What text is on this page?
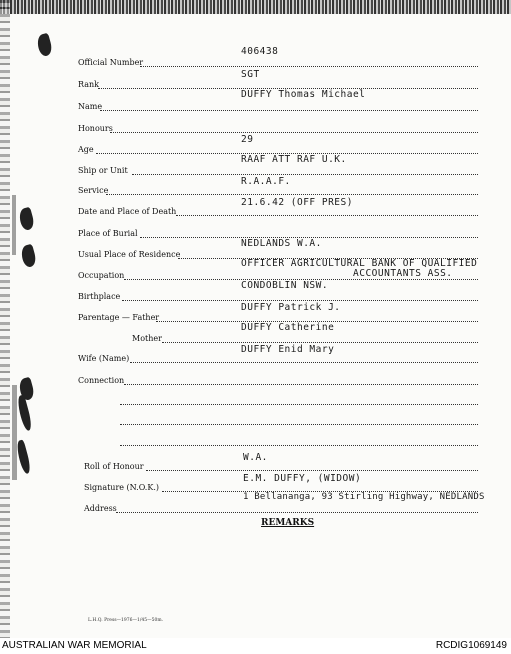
Official Number
406438
Rank
SGT
Name
DUFFY Thomas Michael
Honours
Age
29
Ship or Unit
RAAF ATT RAF U.K.
Service
R.A.A.F.
Date and Place of Death
21.6.42 (OFF PRES)
Place of Burial
Usual Place of Residence
NEDLANDS W.A.
Occupation
OFFICER AGRICULTURAL BANK OF QUALIFIED
ACCOUNTANTS ASS.
Birthplace
CONDOBLIN NSW.
Parentage — Father
DUFFY Patrick J.
Mother
DUFFY Catherine
Wife (Name)
DUFFY Enid Mary
Connection
Roll of Honour
W.A.
Signature (N.O.K.)
E.M. DUFFY, (WIDOW)
Address
1 Bellananga, 93 Stirling Highway, NEDLANDS
REMARKS
L.H.Q. Press—1976—1/45—50m.
AUSTRALIAN WAR MEMORIAL	RCDIG1069149
